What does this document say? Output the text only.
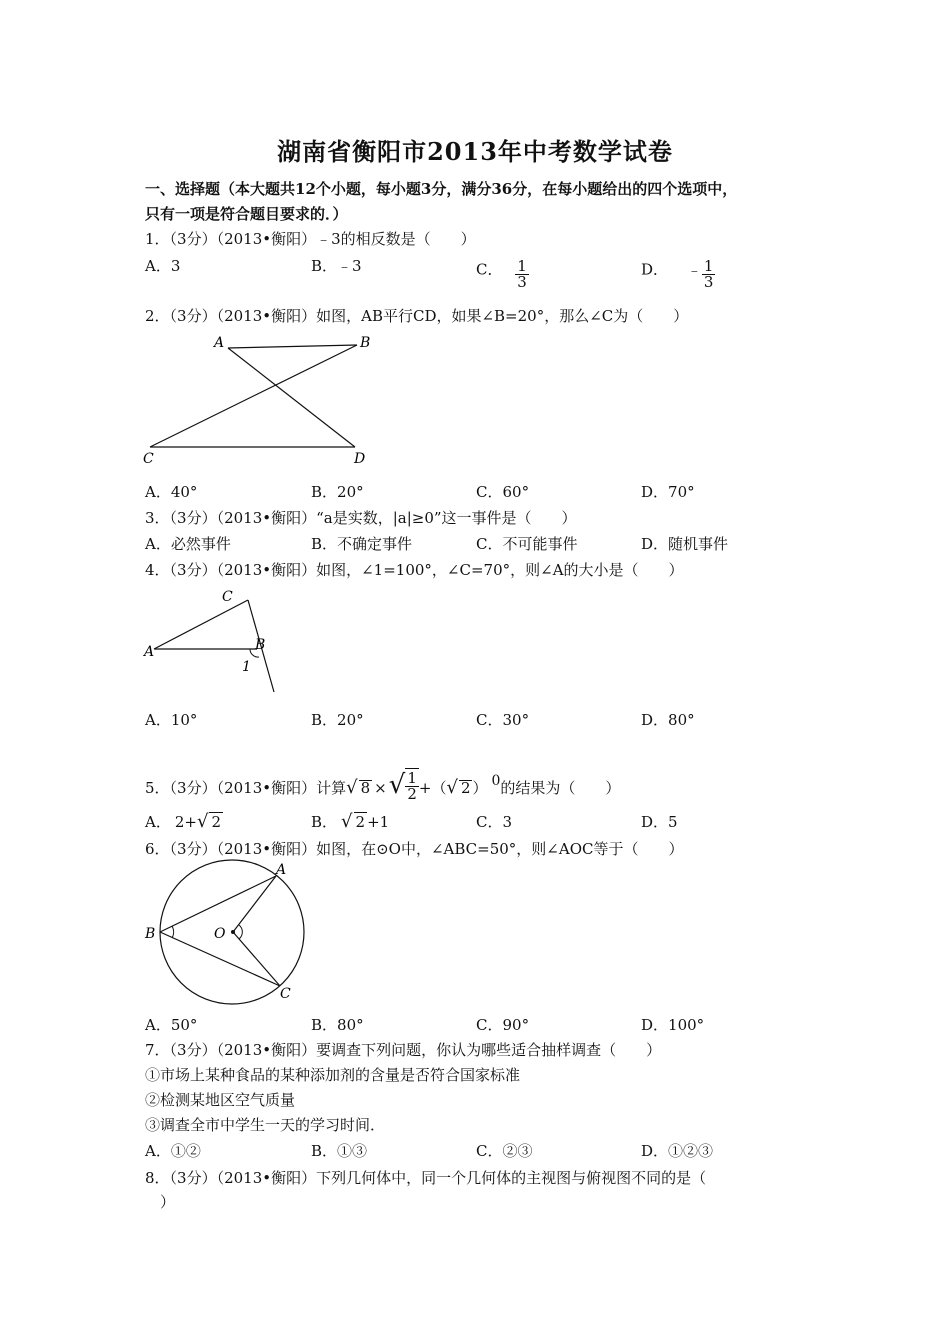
湖南省衡阳市2013年中考数学试卷
一、选择题（本大题共12个小题，每小题3分，满分36分，在每小题给出的四个选项中，
只有一项是符合题目要求的．）
1．（3分）（2013•衡阳）﹣3的相反数是（　　）
A．3	B．﹣3	C． $\frac{1}{3}$	D． ﹣ $\frac{1}{3}$
2．（3分）（2013•衡阳）如图，AB平行CD，如果∠B=20°，那么∠C为（　　）
A	B
C	D
A．40°	B．20°	C．60°	D．70°
3．（3分）（2013•衡阳）“a是实数，|a|≥0”这一事件是（　　）
A．必然事件	B．不确定事件	C．不可能事件	D．随机事件
4．（3分）（2013•衡阳）如图，∠1=100°，∠C=70°，则∠A的大小是（　　）
A
C
B
1
A．10°	B．20°	C．30°	D．80°
5．（3分）（2013•衡阳）计算√ 8 ×√ $\frac{1}{2}$ +（√ 2 ） 0的结果为（　　）
A． 2+√ 2	B． √ 2 +1	C．3	D．5
6．（3分）（2013•衡阳）如图，在⊙O中，∠ABC=50°，则∠AOC等于（　　）
A
B
C
O
A．50°	B．80°	C．90°	D．100°
7．（3分）（2013•衡阳）要调查下列问题，你认为哪些适合抽样调查（　　）
①市场上某种食品的某种添加剂的含量是否符合国家标准
②检测某地区空气质量
③调查全市中学生一天的学习时间．
A．①②	B．①③	C．②③	D．①②③
8．（3分）（2013•衡阳）下列几何体中，同一个几何体的主视图与俯视图不同的是（
）
